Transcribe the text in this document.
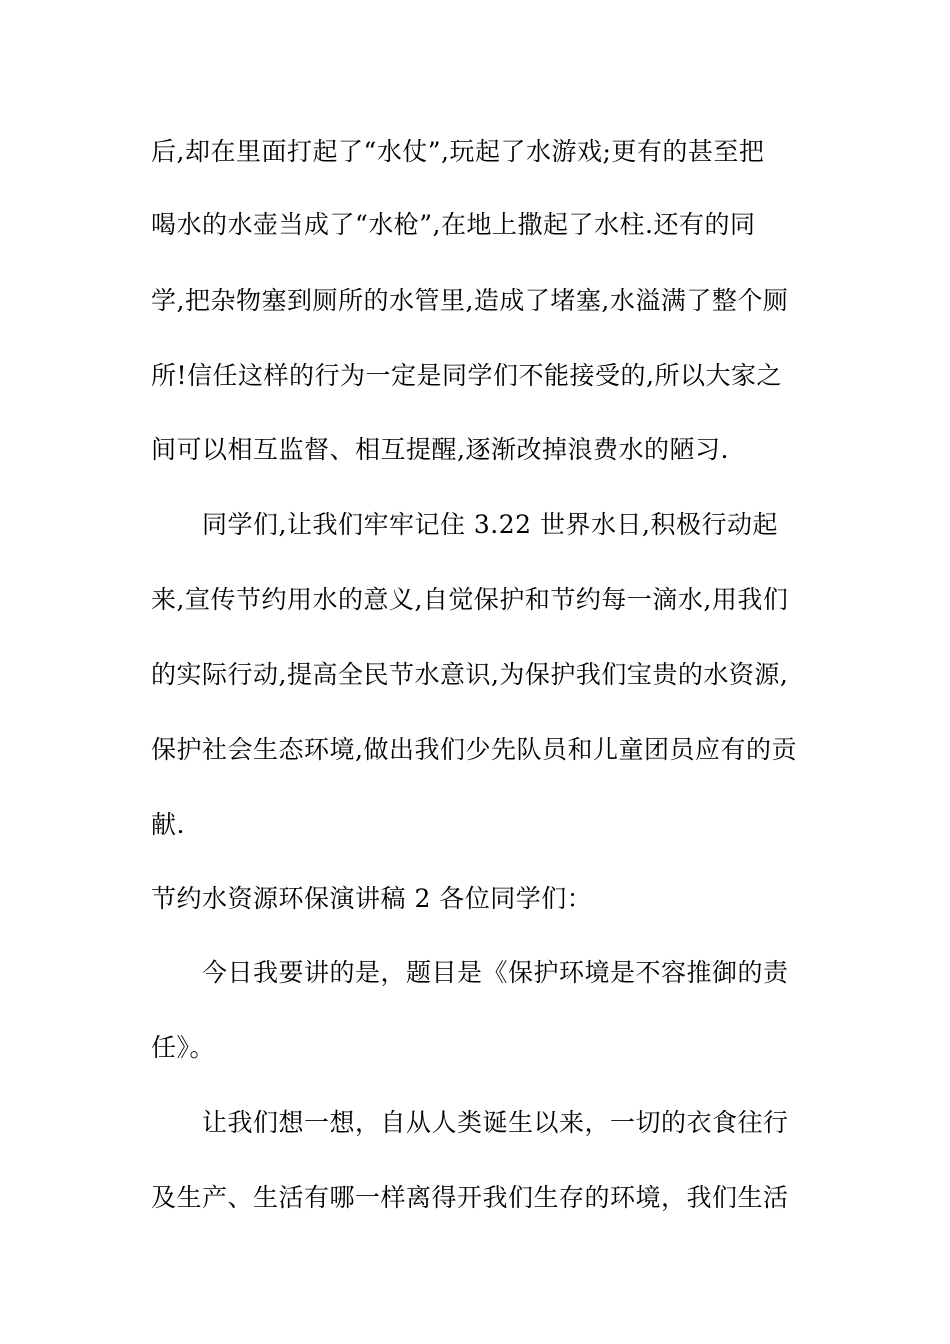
后,却在里面打起了“水仗”,玩起了水游戏;更有的甚至把
喝水的水壶当成了“水枪”,在地上撒起了水柱.还有的同
学,把杂物塞到厕所的水管里,造成了堵塞,水溢满了整个厕
所!信任这样的行为一定是同学们不能接受的,所以大家之
间可以相互监督、相互提醒,逐渐改掉浪费水的陋习.
同学们,让我们牢牢记住 3.22 世界水日,积极行动起
来,宣传节约用水的意义,自觉保护和节约每一滴水,用我们
的实际行动,提高全民节水意识,为保护我们宝贵的水资源,
保护社会生态环境,做出我们少先队员和儿童团员应有的贡
献.
节约水资源环保演讲稿 2 各位同学们：
今日我要讲的是，题目是《保护环境是不容推御的责
任》。
让我们想一想，自从人类诞生以来，一切的衣食往行
及生产、生活有哪一样离得开我们生存的环境，我们生活
